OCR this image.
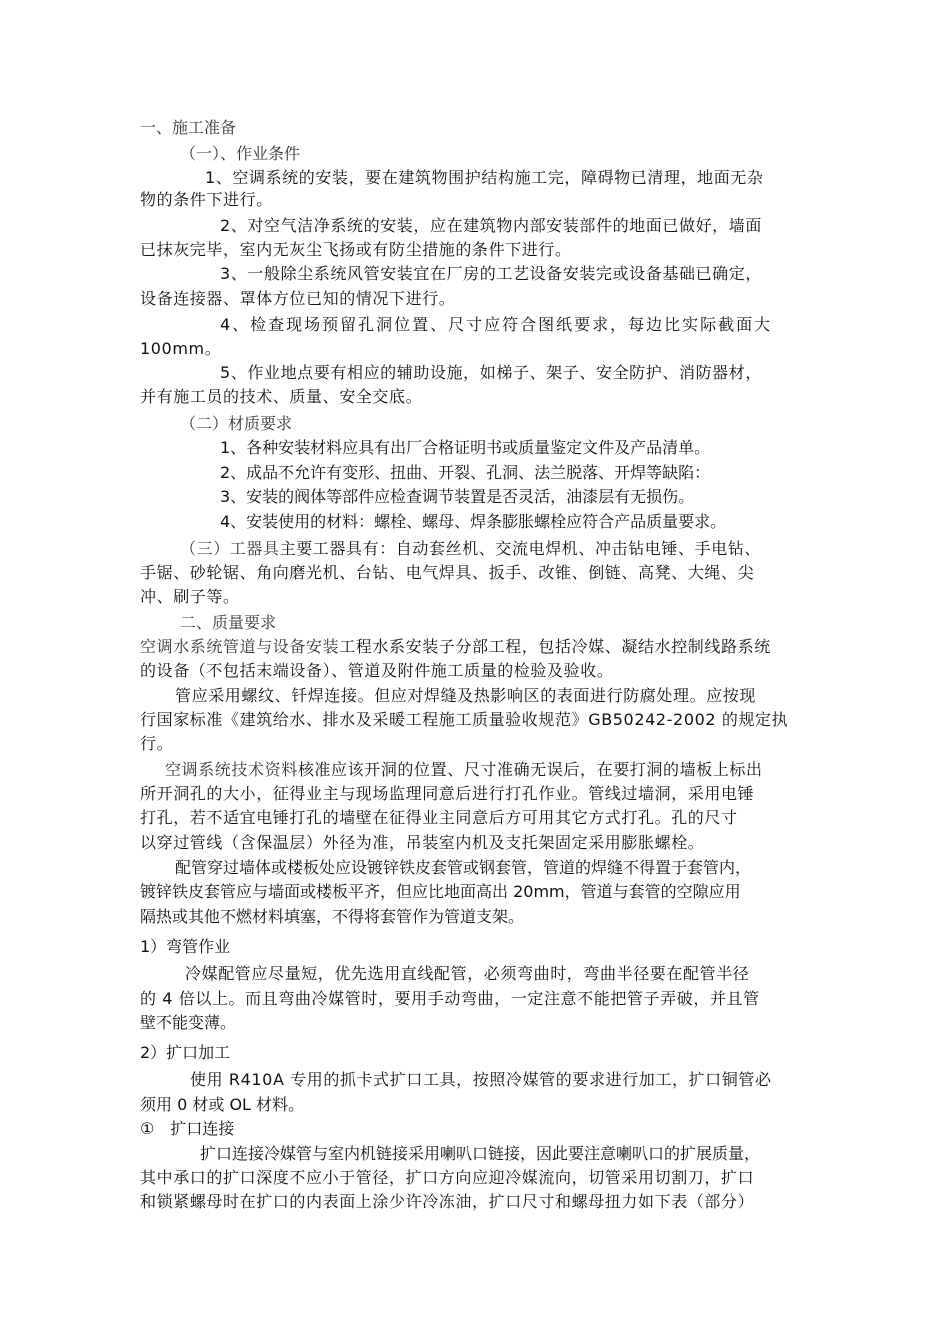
一、施工准备
（一）、作业条件
1、空调系统的安装，要在建筑物围护结构施工完，障碍物已清理，地面无杂
物的条件下进行。
2、对空气洁净系统的安装，应在建筑物内部安装部件的地面已做好，墙面
已抹灰完毕，室内无灰尘飞扬或有防尘措施的条件下进行。
3、一般除尘系统风管安装宜在厂房的工艺设备安装完或设备基础已确定，
设备连接器、罩体方位已知的情况下进行。
4、检查现场预留孔洞位置、尺寸应符合图纸要求，每边比实际截面大
100mm。
5、作业地点要有相应的辅助设施，如梯子、架子、安全防护、消防器材，
并有施工员的技术、质量、安全交底。
（二）材质要求
1、各种安装材料应具有出厂合格证明书或质量鉴定文件及产品清单。
2、成品不允许有变形、扭曲、开裂、孔洞、法兰脱落、开焊等缺陷：
3、安装的阀体等部件应检查调节装置是否灵活，油漆层有无损伤。
4、安装使用的材料：螺栓、螺母、焊条膨胀螺栓应符合产品质量要求。
（三）工器具主要工器具有：自动套丝机、交流电焊机、冲击钻电锤、手电钻、
手锯、砂轮锯、角向磨光机、台钻、电气焊具、扳手、改锥、倒链、高凳、大绳、尖
冲、刷子等。
二、质量要求
空调水系统管道与设备安装工程水系安装子分部工程，包括冷媒、凝结水控制线路系统
的设备（不包括末端设备）、管道及附件施工质量的检验及验收。
管应采用螺纹、钎焊连接。但应对焊缝及热影响区的表面进行防腐处理。应按现
行国家标准《建筑给水、排水及采暖工程施工质量验收规范》GB50242-2002 的规定执
行。
空调系统技术资料核准应该开洞的位置、尺寸准确无误后，在要打洞的墙板上标出
所开洞孔的大小，征得业主与现场监理同意后进行打孔作业。管线过墙洞，采用电锤
打孔，若不适宜电锤打孔的墙壁在征得业主同意后方可用其它方式打孔。孔的尺寸
以穿过管线（含保温层）外径为准，吊装室内机及支托架固定采用膨胀螺栓。
配管穿过墙体或楼板处应设镀锌铁皮套管或钢套管，管道的焊缝不得置于套管内，
镀锌铁皮套管应与墙面或楼板平齐，但应比地面高出 20mm，管道与套管的空隙应用
隔热或其他不燃材料填塞，不得将套管作为管道支架。
1）弯管作业
冷媒配管应尽量短，优先选用直线配管，必须弯曲时，弯曲半径要在配管半径
的 4 倍以上。而且弯曲冷媒管时，要用手动弯曲，一定注意不能把管子弄破，并且管
壁不能变薄。
2）扩口加工
使用 R410A 专用的抓卡式扩口工具，按照冷媒管的要求进行加工，扩口铜管必
须用 0 材或 OL 材料。
①　扩口连接
扩口连接冷媒管与室内机链接采用喇叭口链接，因此要注意喇叭口的扩展质量，
其中承口的扩口深度不应小于管径，扩口方向应迎冷媒流向，切管采用切割刀，扩口
和锁紧螺母时在扩口的内表面上涂少许冷冻油，扩口尺寸和螺母扭力如下表（部分）
